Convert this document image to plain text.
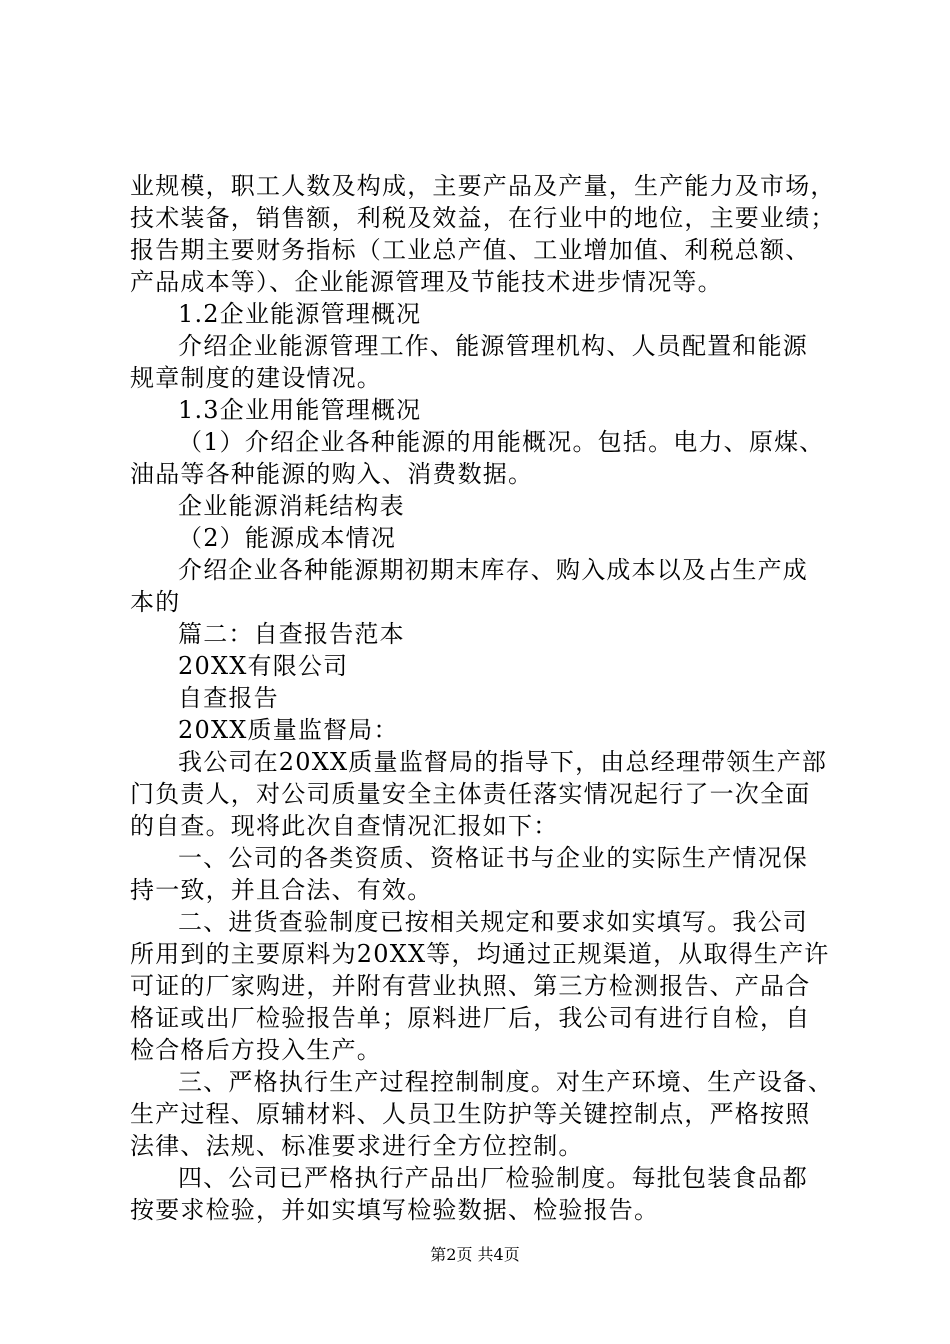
业规模，职工人数及构成，主要产品及产量，生产能力及市场，
技术装备，销售额，利税及效益，在行业中的地位，主要业绩；
报告期主要财务指标（工业总产值、工业增加值、利税总额、
产品成本等）、企业能源管理及节能技术进步情况等。
1.2企业能源管理概况
介绍企业能源管理工作、能源管理机构、人员配置和能源
规章制度的建设情况。
1.3企业用能管理概况
（1）介绍企业各种能源的用能概况。包括。电力、原煤、
油品等各种能源的购入、消费数据。
企业能源消耗结构表
（2）能源成本情况
介绍企业各种能源期初期末库存、购入成本以及占生产成
本的
篇二：自查报告范本
20XX有限公司
自查报告
20XX质量监督局：
我公司在20XX质量监督局的指导下，由总经理带领生产部
门负责人，对公司质量安全主体责任落实情况起行了一次全面
的自查。现将此次自查情况汇报如下：
一、公司的各类资质、资格证书与企业的实际生产情况保
持一致，并且合法、有效。
二、进货查验制度已按相关规定和要求如实填写。我公司
所用到的主要原料为20XX等，均通过正规渠道，从取得生产许
可证的厂家购进，并附有营业执照、第三方检测报告、产品合
格证或出厂检验报告单；原料进厂后，我公司有进行自检，自
检合格后方投入生产。
三、严格执行生产过程控制制度。对生产环境、生产设备、
生产过程、原辅材料、人员卫生防护等关键控制点，严格按照
法律、法规、标准要求进行全方位控制。
四、公司已严格执行产品出厂检验制度。每批包装食品都
按要求检验，并如实填写检验数据、检验报告。
第2页 共4页
